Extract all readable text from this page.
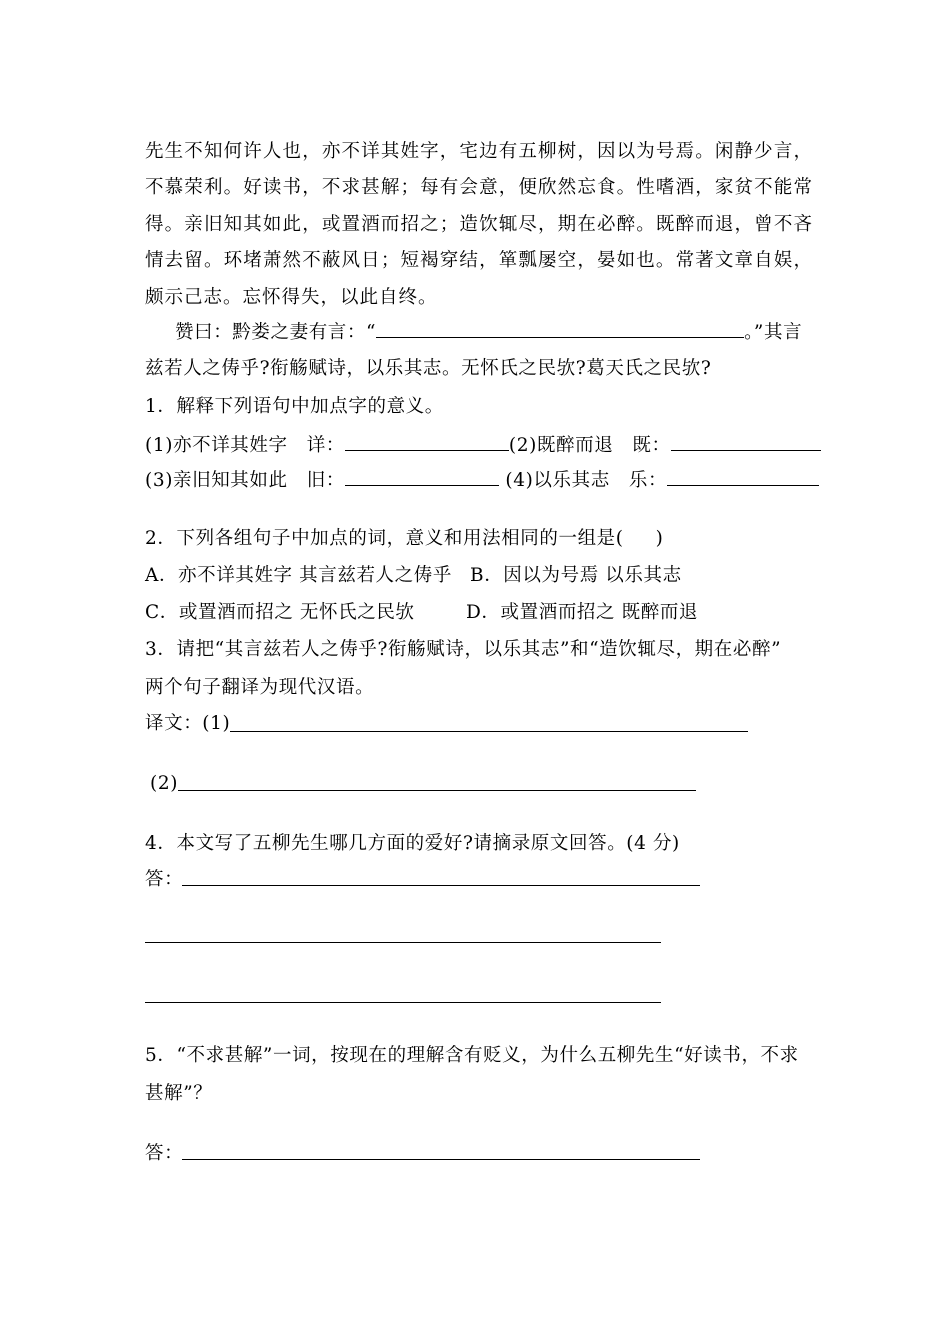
先生不知何许人也，亦不详其姓字，宅边有五柳树，因以为号焉。闲静少言，不慕荣利。好读书，不求甚解；每有会意，便欣然忘食。性嗜酒，家贫不能常得。亲旧知其如此，或置酒而招之；造饮辄尽，期在必醉。既醉而退，曾不吝情去留。环堵萧然不蔽风日；短褐穿结，箪瓢屡空，晏如也。常著文章自娱，颇示己志。忘怀得失，以此自终。
赞曰：黔娄之妻有言：“	。”其言
兹若人之俦乎?衔觞赋诗，以乐其志。无怀氏之民欤?葛天氏之民欤?
1．解释下列语句中加点字的意义。
(1)亦不详其姓字　详：	(2)既醉而退　既：
(3)亲旧知其如此　旧：	(4)以乐其志　乐：
2．下列各组句子中加点的词，意义和用法相同的一组是( )
A．亦不详其姓字 其言兹若人之俦乎 B．因以为号焉 以乐其志
C．或置酒而招之 无怀氏之民欤	D．或置酒而招之 既醉而退
3．请把“其言兹若人之俦乎?衔觞赋诗，以乐其志”和“造饮辄尽，期在必醉”
两个句子翻译为现代汉语。
译文：(1)
(2)
4．本文写了五柳先生哪几方面的爱好?请摘录原文回答。(4 分)
答：
5．“不求甚解”一词，按现在的理解含有贬义，为什么五柳先生“好读书，不求
甚解”？
答：
